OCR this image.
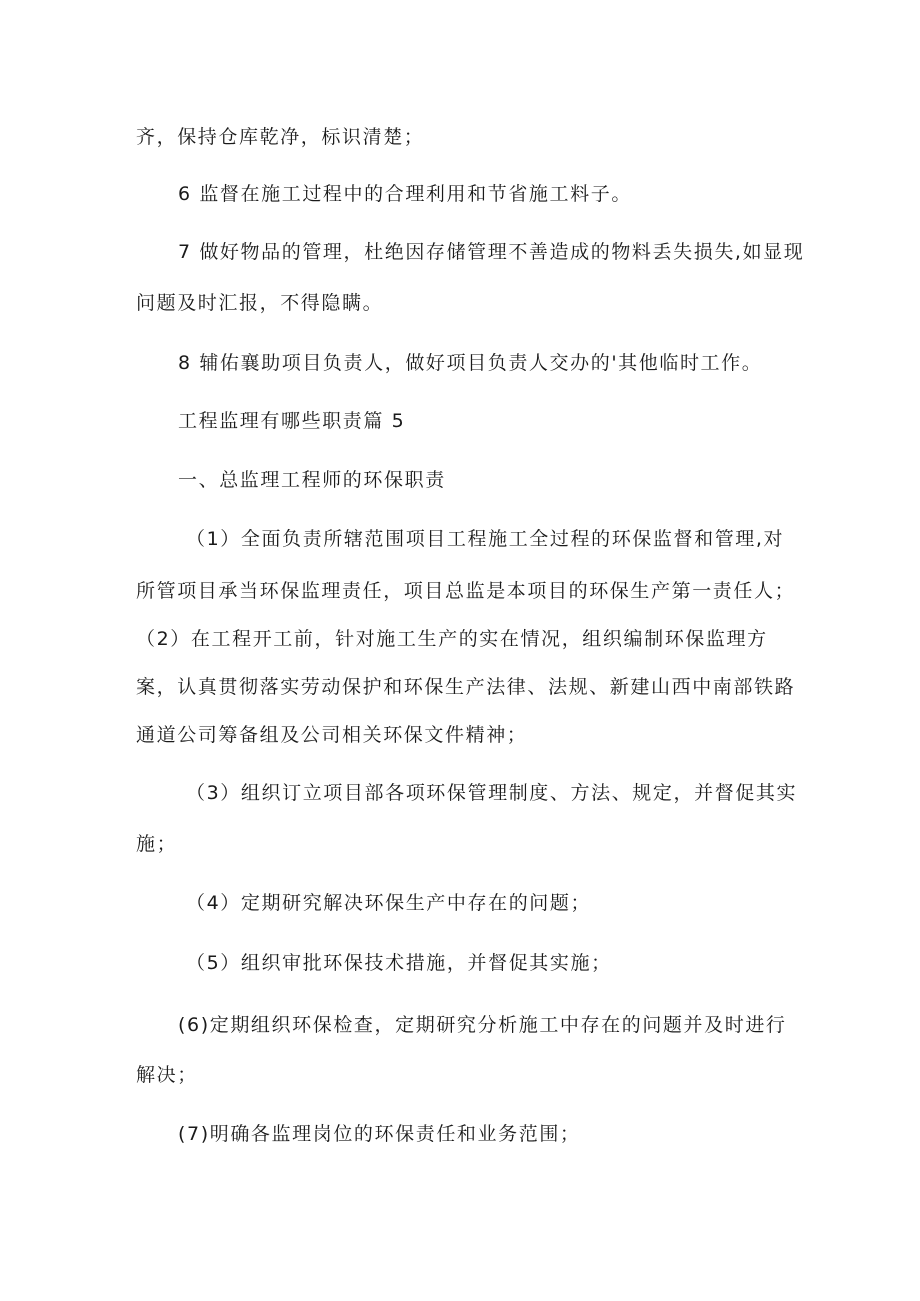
齐，保持仓库乾净，标识清楚；
6 监督在施工过程中的合理利用和节省施工料子。
7 做好物品的管理，杜绝因存储管理不善造成的物料丢失损失,如显现
问题及时汇报，不得隐瞒。
8 辅佑襄助项目负责人，做好项目负责人交办的'其他临时工作。
工程监理有哪些职责篇 5
一、总监理工程师的环保职责
（1）全面负责所辖范围项目工程施工全过程的环保监督和管理,对
所管项目承当环保监理责任，项目总监是本项目的环保生产第一责任人；
（2）在工程开工前，针对施工生产的实在情况，组织编制环保监理方
案，认真贯彻落实劳动保护和环保生产法律、法规、新建山西中南部铁路
通道公司筹备组及公司相关环保文件精神；
（3）组织订立项目部各项环保管理制度、方法、规定，并督促其实
施；
（4）定期研究解决环保生产中存在的问题；
（5）组织审批环保技术措施，并督促其实施；
(6)定期组织环保检查，定期研究分析施工中存在的问题并及时进行
解决；
(7)明确各监理岗位的环保责任和业务范围；
